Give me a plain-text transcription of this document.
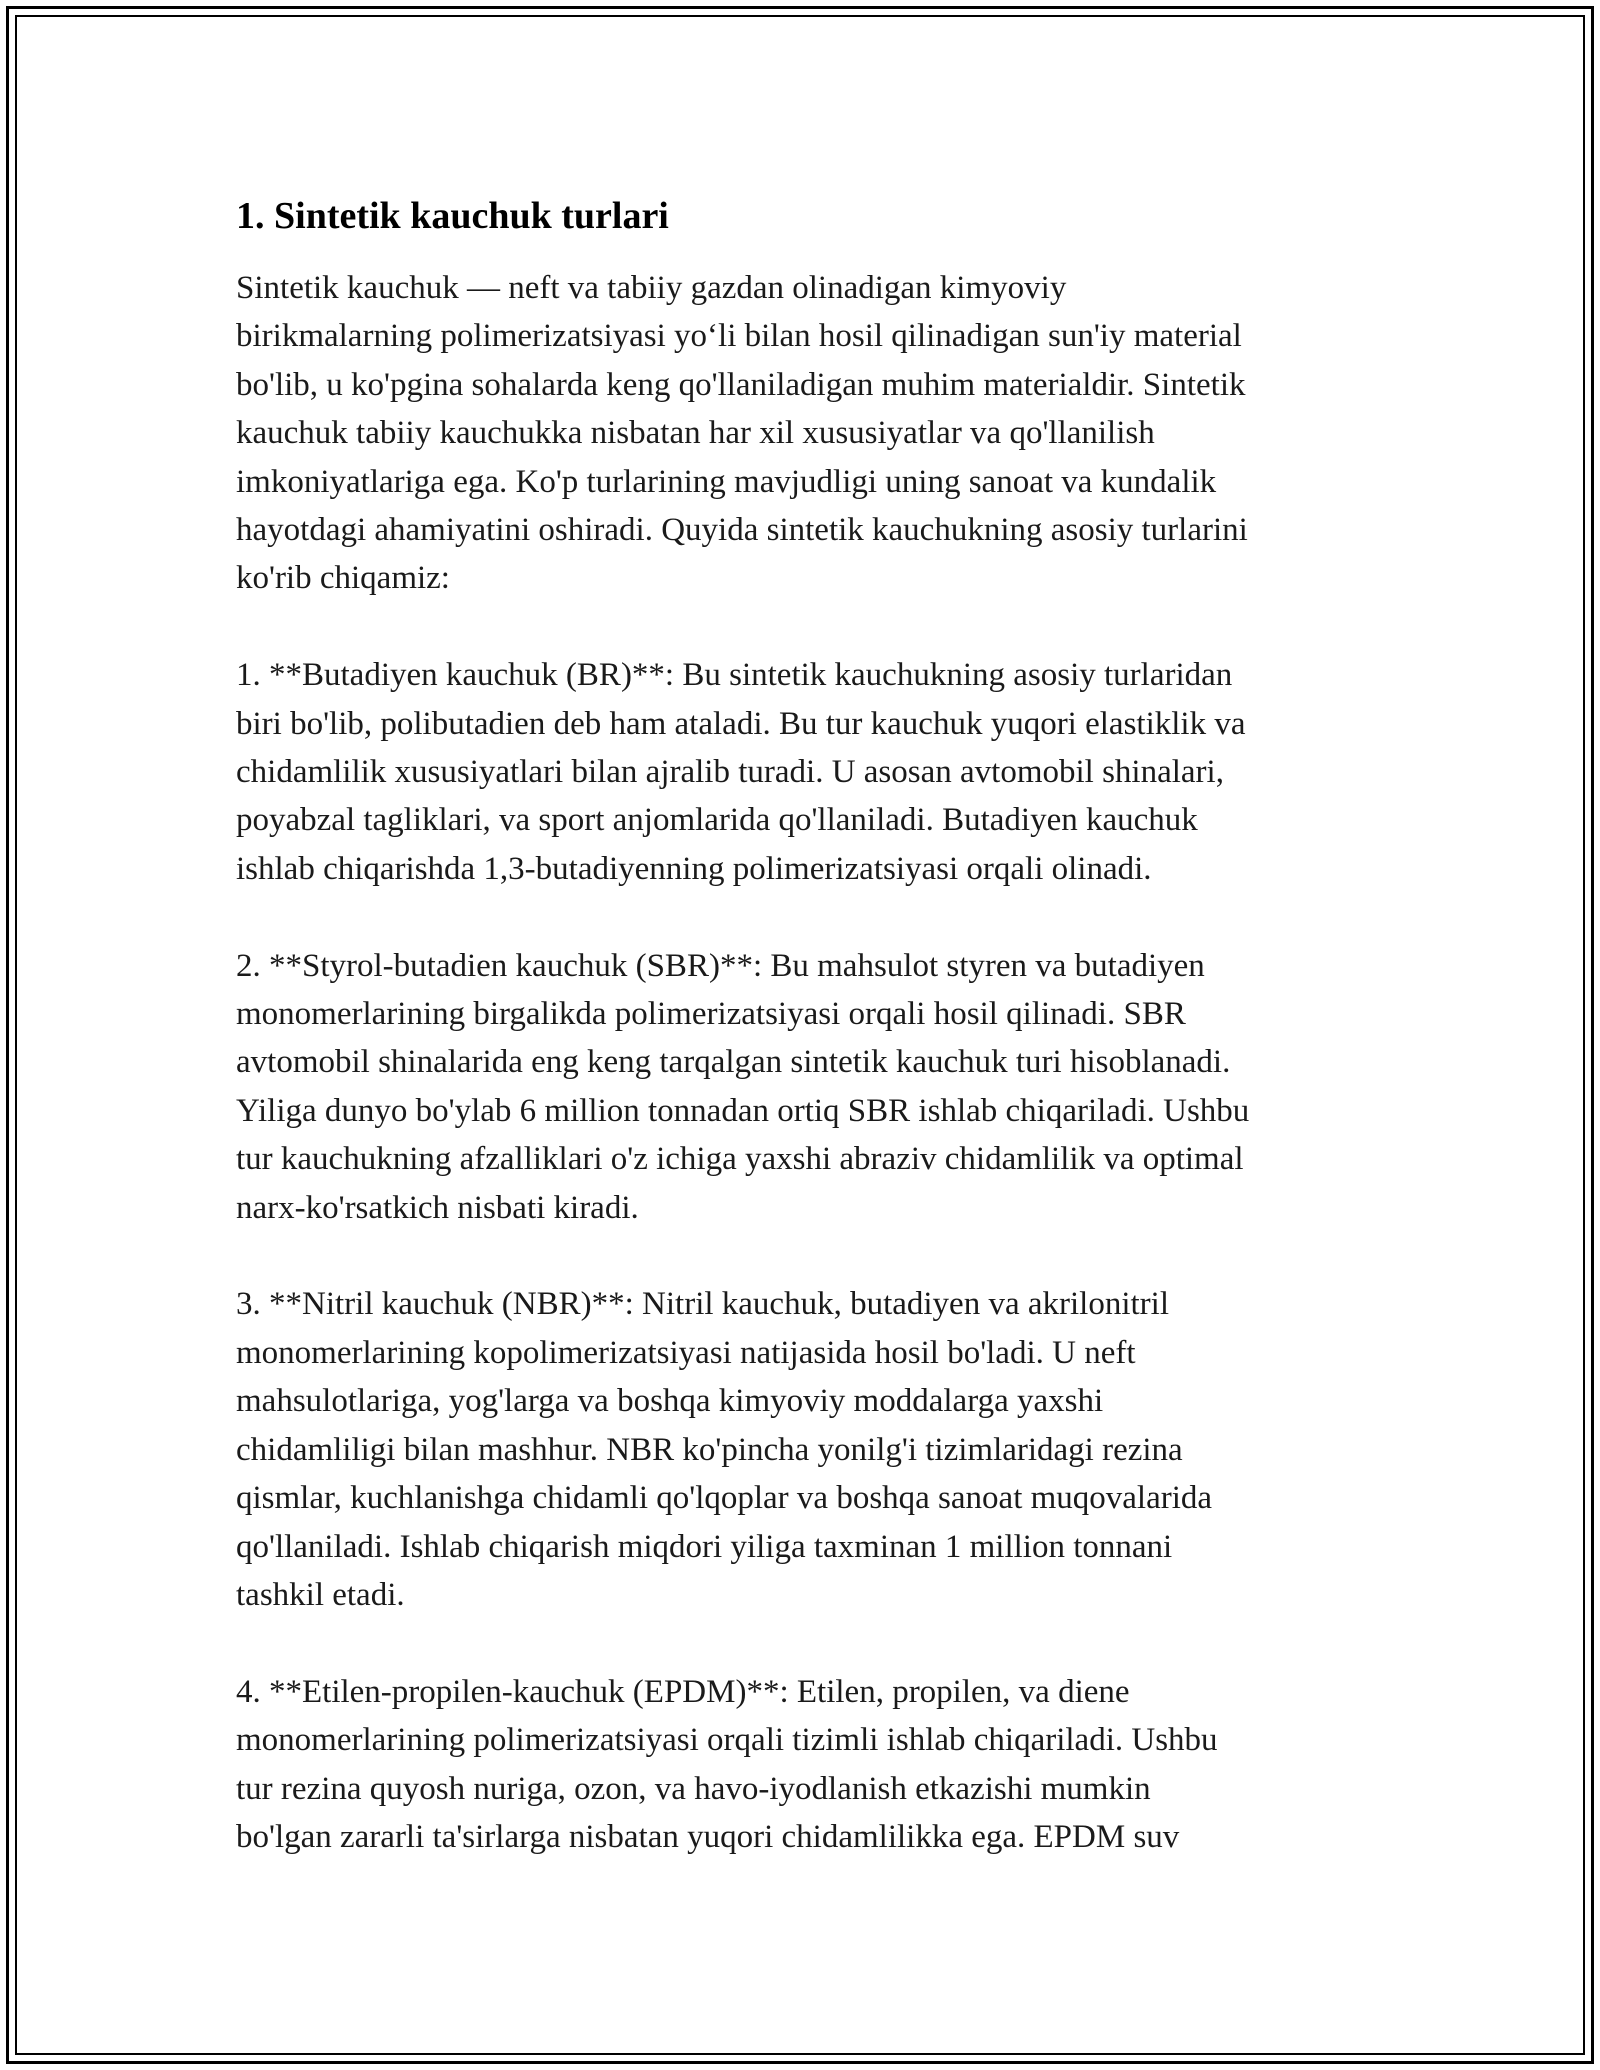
1. Sintetik kauchuk turlari

Sintetik kauchuk — neft va tabiiy gazdan olinadigan kimyoviy
birikmalarning polimerizatsiyasi yo‘li bilan hosil qilinadigan sun'iy material
bo'lib, u ko'pgina sohalarda keng qo'llaniladigan muhim materialdir. Sintetik
kauchuk tabiiy kauchukka nisbatan har xil xususiyatlar va qo'llanilish
imkoniyatlariga ega. Ko'p turlarining mavjudligi uning sanoat va kundalik
hayotdagi ahamiyatini oshiradi. Quyida sintetik kauchukning asosiy turlarini
ko'rib chiqamiz:

1. **Butadiyen kauchuk (BR)**: Bu sintetik kauchukning asosiy turlaridan
biri bo'lib, polibutadien deb ham ataladi. Bu tur kauchuk yuqori elastiklik va
chidamlilik xususiyatlari bilan ajralib turadi. U asosan avtomobil shinalari,
poyabzal tagliklari, va sport anjomlarida qo'llaniladi. Butadiyen kauchuk
ishlab chiqarishda 1,3-butadiyenning polimerizatsiyasi orqali olinadi.

2. **Styrol-butadien kauchuk (SBR)**: Bu mahsulot styren va butadiyen
monomerlarining birgalikda polimerizatsiyasi orqali hosil qilinadi. SBR
avtomobil shinalarida eng keng tarqalgan sintetik kauchuk turi hisoblanadi.
Yiliga dunyo bo'ylab 6 million tonnadan ortiq SBR ishlab chiqariladi. Ushbu
tur kauchukning afzalliklari o'z ichiga yaxshi abraziv chidamlilik va optimal
narx-ko'rsatkich nisbati kiradi.

3. **Nitril kauchuk (NBR)**: Nitril kauchuk, butadiyen va akrilonitril
monomerlarining kopolimerizatsiyasi natijasida hosil bo'ladi. U neft
mahsulotlariga, yog'larga va boshqa kimyoviy moddalarga yaxshi
chidamliligi bilan mashhur. NBR ko'pincha yonilg'i tizimlaridagi rezina
qismlar, kuchlanishga chidamli qo'lqoplar va boshqa sanoat muqovalarida
qo'llaniladi. Ishlab chiqarish miqdori yiliga taxminan 1 million tonnani
tashkil etadi.

4. **Etilen-propilen-kauchuk (EPDM)**: Etilen, propilen, va diene
monomerlarining polimerizatsiyasi orqali tizimli ishlab chiqariladi. Ushbu
tur rezina quyosh nuriga, ozon, va havo-iyodlanish etkazishi mumkin
bo'lgan zararli ta'sirlarga nisbatan yuqori chidamlilikka ega. EPDM suv
